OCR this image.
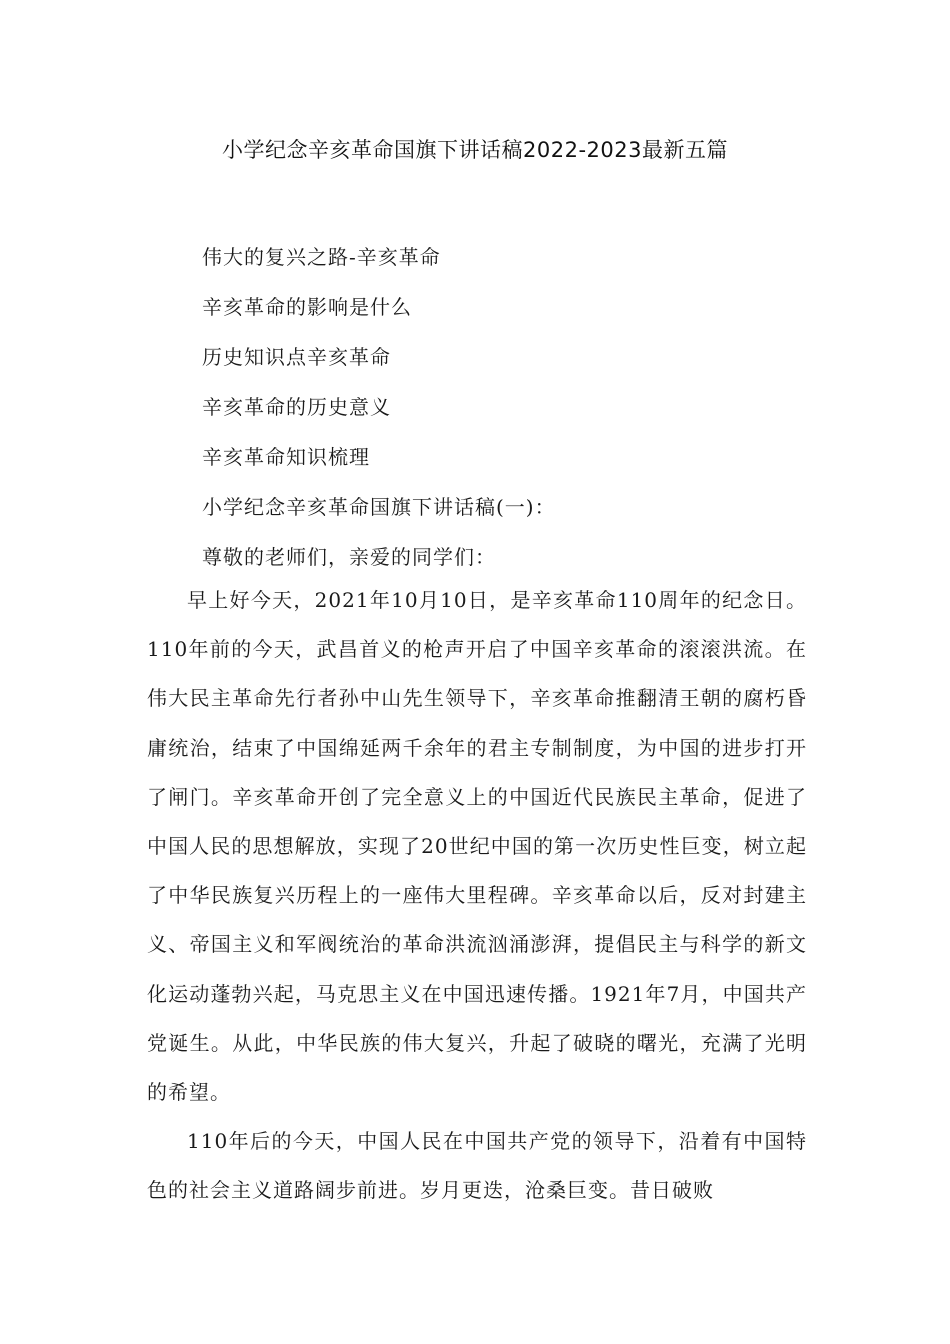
小学纪念辛亥革命国旗下讲话稿2022-2023最新五篇
伟大的复兴之路-辛亥革命
辛亥革命的影响是什么
历史知识点辛亥革命
辛亥革命的历史意义
辛亥革命知识梳理
小学纪念辛亥革命国旗下讲话稿(一)：
尊敬的老师们，亲爱的同学们：

早上好今天，2021年10月10日，是辛亥革命110周年的纪念日。110年前的今天，武昌首义的枪声开启了中国辛亥革命的滚滚洪流。在伟大民主革命先行者孙中山先生领导下，辛亥革命推翻清王朝的腐朽昏庸统治，结束了中国绵延两千余年的君主专制制度，为中国的进步打开了闸门。辛亥革命开创了完全意义上的中国近代民族民主革命，促进了中国人民的思想解放，实现了20世纪中国的第一次历史性巨变，树立起了中华民族复兴历程上的一座伟大里程碑。辛亥革命以后，反对封建主义、帝国主义和军阀统治的革命洪流汹涌澎湃，提倡民主与科学的新文化运动蓬勃兴起，马克思主义在中国迅速传播。1921年7月，中国共产党诞生。从此，中华民族的伟大复兴，升起了破晓的曙光，充满了光明的希望。

110年后的今天，中国人民在中国共产党的领导下，沿着有中国特色的社会主义道路阔步前进。岁月更迭，沧桑巨变。昔日破败
